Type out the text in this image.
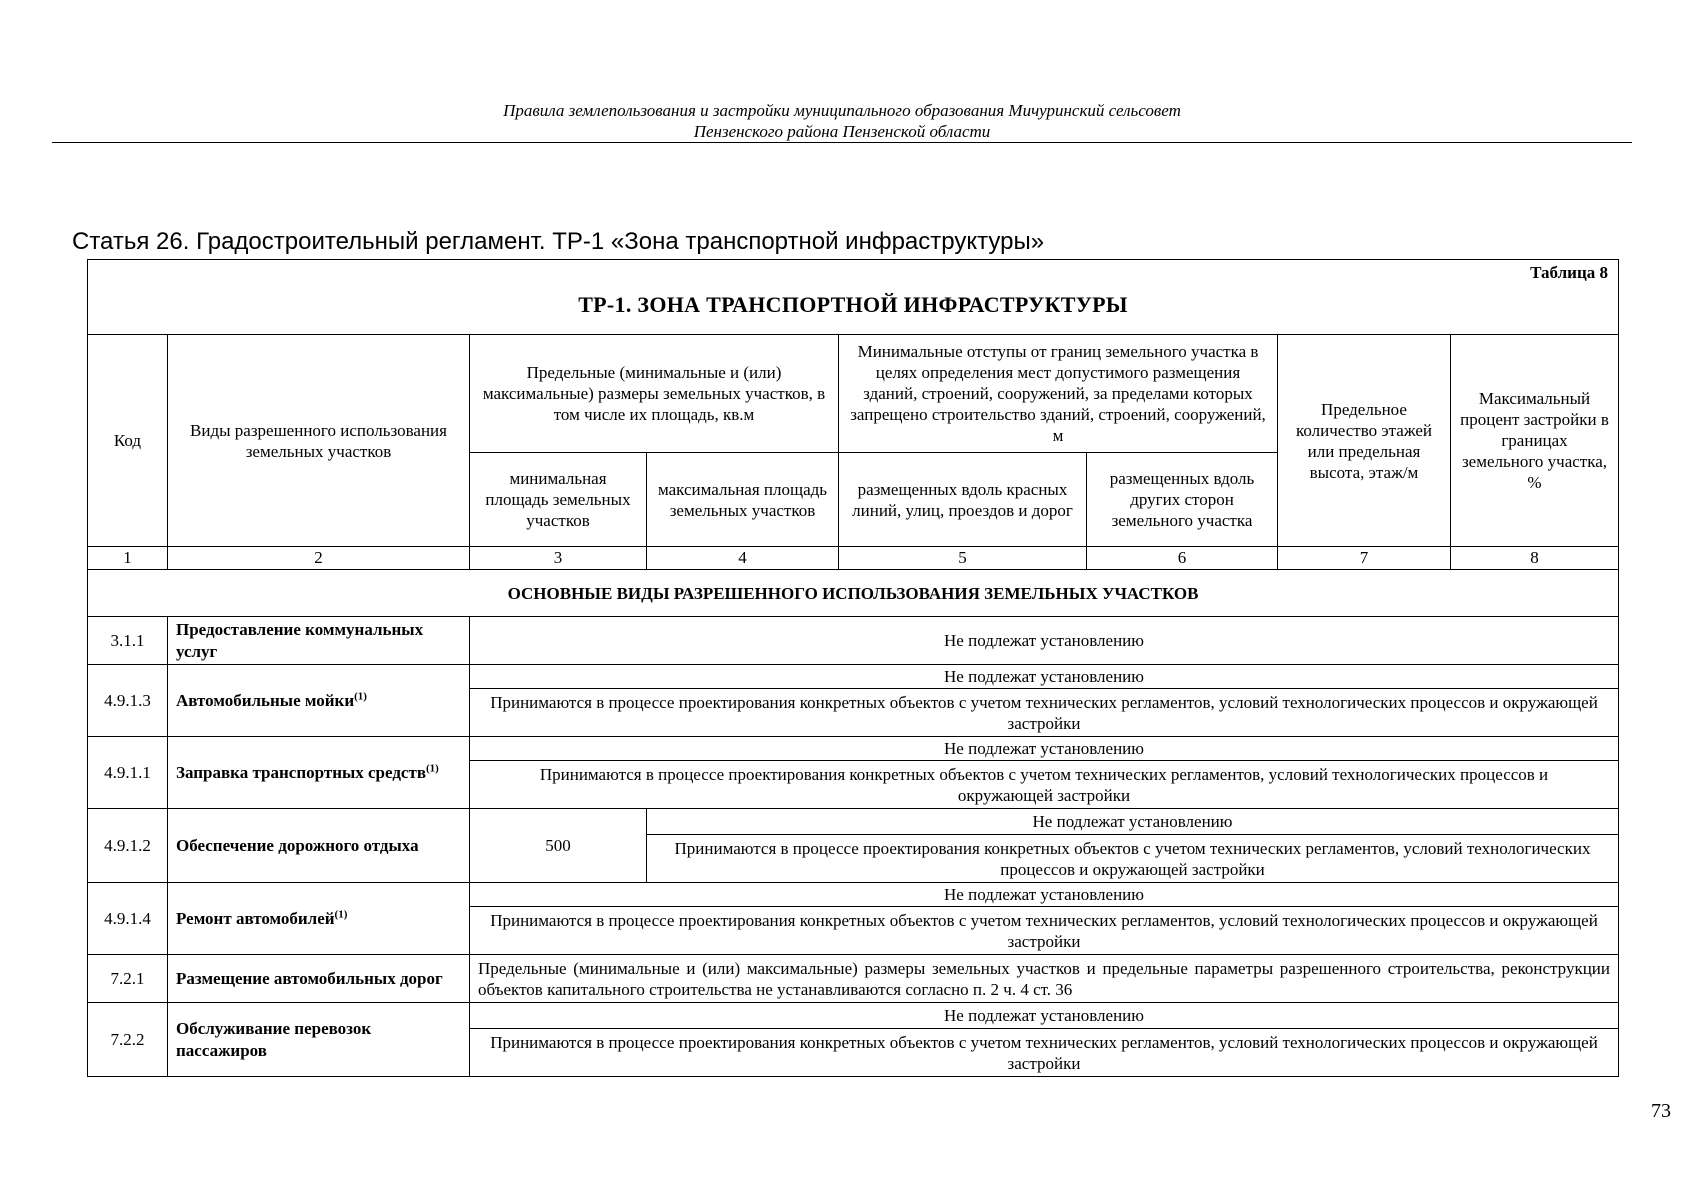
Правила землепользования и застройки муниципального образования Мичуринский сельсовет
Пензенского района Пензенской области
Статья 26. Градостроительный регламент. ТР-1 «Зона транспортной инфраструктуры»
Таблица 8
ТР-1. ЗОНА ТРАНСПОРТНОЙ ИНФРАСТРУКТУРЫ							

Код	Виды разрешенного использования земельных участков	Предельные (минимальные и (или) максимальные) размеры земельных участков, в том числе их площадь, кв.м		Минимальные отступы от границ земельного участка в целях определения мест допустимого размещения зданий, строений, сооружений, за пределами которых запрещено строительство зданий, строений, сооружений, м		Предельное количество этажей или предельная высота, этаж/м	Максимальный процент застройки в границах земельного участка, %
		минимальная площадь земельных участков	максимальная площадь земельных участков	размещенных вдоль красных линий, улиц, проездов и дорог	размещенных вдоль других сторон земельного участка		
1	2	3	4	5	6	7	8
ОСНОВНЫЕ ВИДЫ РАЗРЕШЕННОГО ИСПОЛЬЗОВАНИЯ ЗЕМЕЛЬНЫХ УЧАСТКОВ							
3.1.1	Предоставление коммунальных услуг	Не подлежат установлению					
4.9.1.3	Автомобильные мойки$^{(1)}$	Не подлежат установлению					
		Принимаются в процессе проектирования конкретных объектов с учетом технических регламентов, условий технологических процессов и окружающей застройки					
4.9.1.1	Заправка транспортных средств$^{(1)}$	Не подлежат установлению					
		Принимаются в процессе проектирования конкретных объектов с учетом технических регламентов, условий технологических процессов и окружающей застройки					
4.9.1.2	Обеспечение дорожного отдыха	500	Не подлежат установлению				
			Принимаются в процессе проектирования конкретных объектов с учетом технических регламентов, условий технологических процессов и окружающей застройки				
4.9.1.4	Ремонт автомобилей$^{(1)}$	Не подлежат установлению					
		Принимаются в процессе проектирования конкретных объектов с учетом технических регламентов, условий технологических процессов и окружающей застройки					
7.2.1	Размещение автомобильных дорог	Предельные (минимальные и (или) максимальные) размеры земельных участков и предельные параметры разрешенного строительства, реконструкции объектов капитального строительства не устанавливаются согласно п. 2 ч. 4 ст. 36					
7.2.2	Обслуживание перевозок пассажиров	Не подлежат установлению					
		Принимаются в процессе проектирования конкретных объектов с учетом технических регламентов, условий технологических процессов и окружающей застройки					
73
